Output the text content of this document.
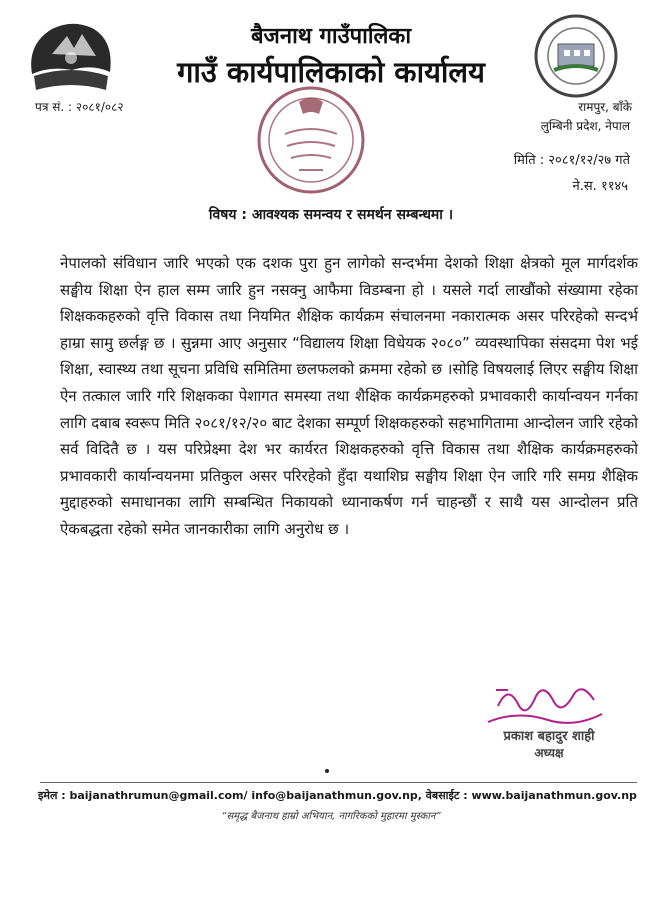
बैजनाथ गाउँपालिका
गाउँ कार्यपालिकाको कार्यालय
पत्र सं. : २०८१/०८२	रामपुर, बाँके
लुम्बिनी प्रदेश, नेपाल
मिति : २०८१/१२/२७ गते
ने.स. ११४५
विषय : आवश्यक समन्वय र समर्थन सम्बन्धमा ।

नेपालको संविधान जारि भएको एक दशक पुरा हुन लागेको सन्दर्भमा देशको शिक्षा क्षेत्रको मूल मार्गदर्शक सङ्घीय शिक्षा ऐन हाल सम्म जारि हुन नसक्नु आफैमा विडम्बना हो । यसले गर्दा लाखौंको संख्यामा रहेका शिक्षककहरुको वृत्ति विकास तथा नियमित शैक्षिक कार्यक्रम संचालनमा नकारात्मक असर परिरहेको सन्दर्भ हाम्रा सामु छर्लङ्ग छ । सुन्नमा आए अनुसार “विद्यालय शिक्षा विधेयक २०८०” व्यवस्थापिका संसदमा पेश भई शिक्षा, स्वास्थ्य तथा सूचना प्रविधि समितिमा छलफलको क्रममा रहेको छ ।सोहि विषयलाई लिएर सङ्घीय शिक्षा ऐन तत्काल जारि गरि शिक्षकका पेशागत समस्या तथा शैक्षिक कार्यक्रमहरुको प्रभावकारी कार्यान्वयन गर्नका लागि दबाब स्वरूप मिति २०८१/१२/२० बाट देशका सम्पूर्ण शिक्षकहरुको सहभागितामा आन्दोलन जारि रहेको सर्व विदितै छ । यस परिप्रेक्ष्मा देश भर कार्यरत शिक्षकहरुको वृत्ति विकास तथा शैक्षिक कार्यक्रमहरुको प्रभावकारी कार्यान्वयनमा प्रतिकुल असर परिरहेको हुँदा यथाशिघ्र सङ्घीय शिक्षा ऐन जारि गरि समग्र शैक्षिक मुद्दाहरुको समाधानका लागि सम्बन्धित निकायको ध्यानाकर्षण गर्न चाहन्छौं र साथै यस आन्दोलन प्रति ऐकबद्धता रहेको समेत जानकारीका लागि अनुरोध छ ।

प्रकाश बहादुर शाही
अध्यक्ष
इमेल : baijanathrumun@gmail.com/ info@baijanathmun.gov.np, वेबसाईट : www.baijanathmun.gov.np
“समृद्ध बैजनाथ हाम्रो अभियान, नागरिकको मुहारमा मुस्कान”
